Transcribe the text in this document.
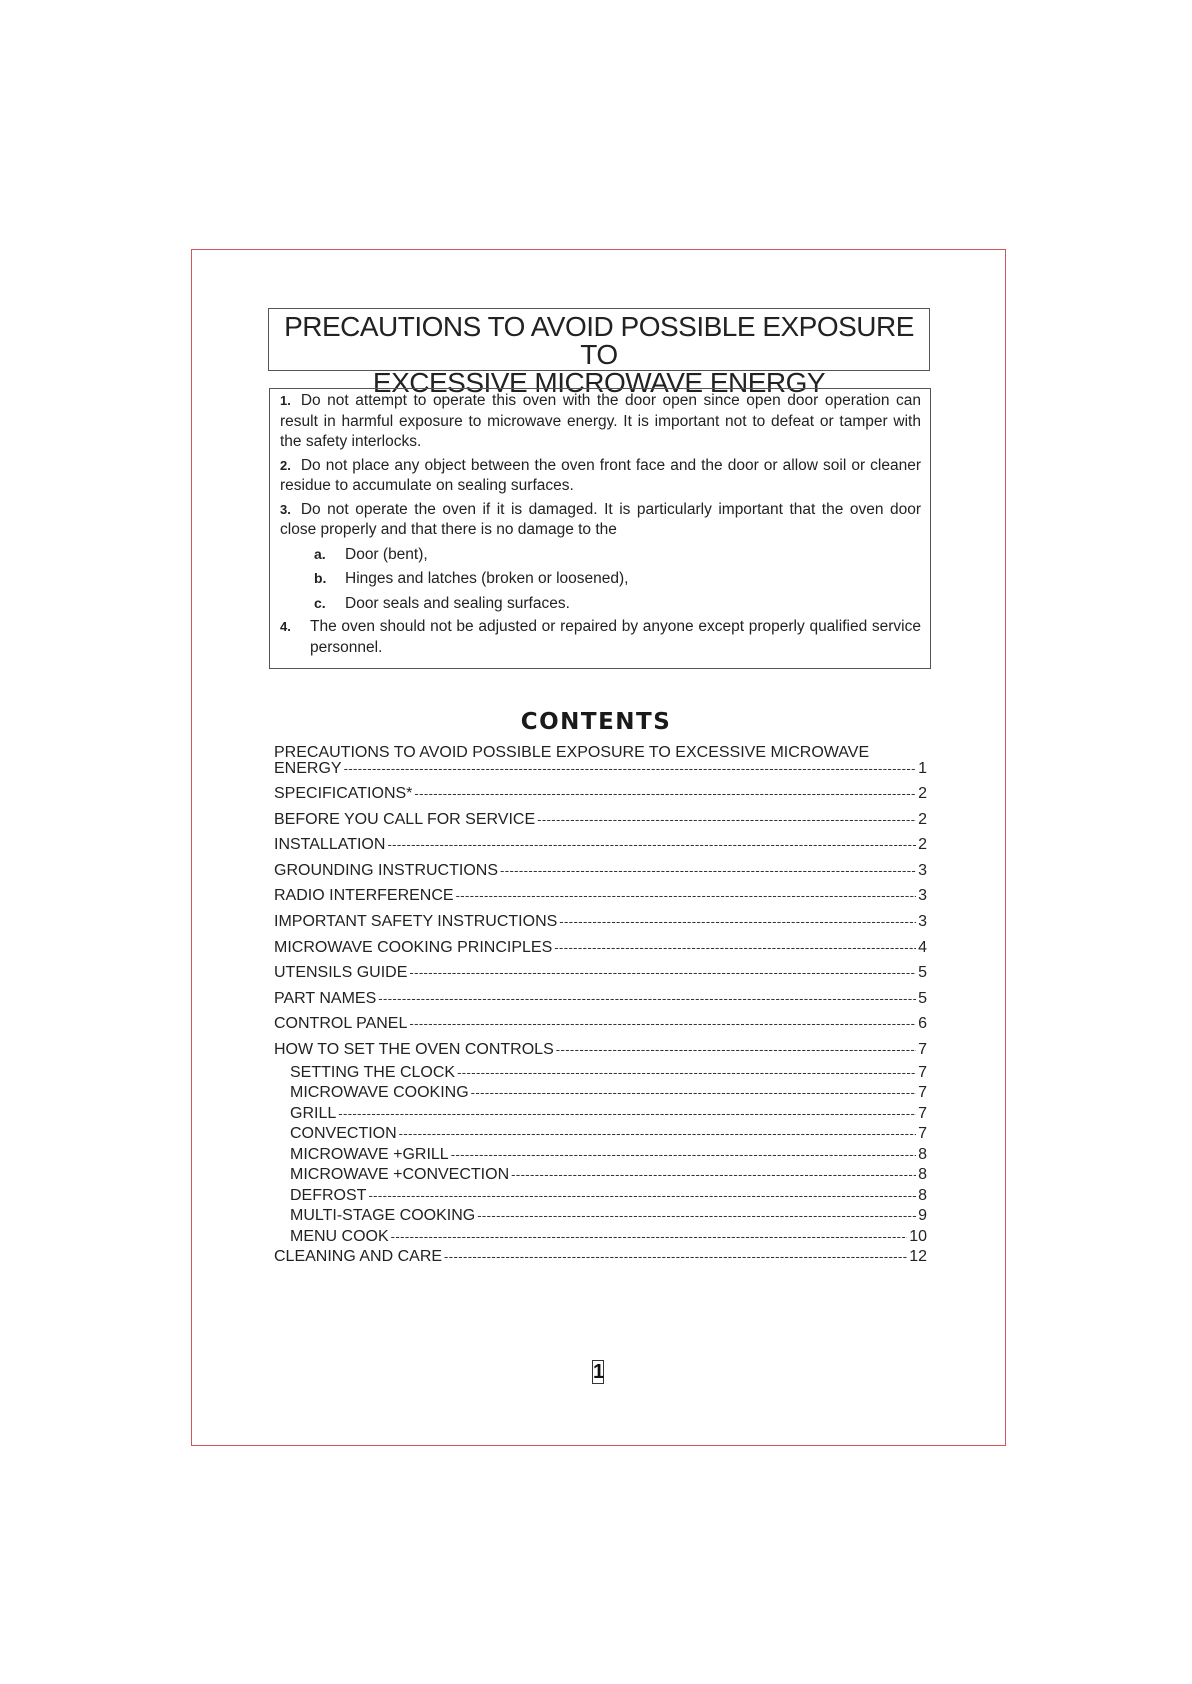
PRECAUTIONS TO AVOID POSSIBLE EXPOSURE TO
EXCESSIVE MICROWAVE ENERGY
1. Do not attempt to operate this oven with the door open since open door operation can result in harmful exposure to microwave energy. It is important not to defeat or tamper with the safety interlocks.
2. Do not place any object between the oven front face and the door or allow soil or cleaner residue to accumulate on sealing surfaces.
3. Do not operate the oven if it is damaged. It is particularly important that the oven door close properly and that there is no damage to the
a. Door (bent),
b. Hinges and latches (broken or loosened),
c. Door seals and sealing surfaces.
4.	The oven should not be adjusted or repaired by anyone except properly qualified service personnel.
CONTENTS
PRECAUTIONS TO AVOID POSSIBLE EXPOSURE TO EXCESSIVE MICROWAVE
ENERGY -----	1
SPECIFICATIONS* -----	2
BEFORE YOU CALL FOR SERVICE -----	2
INSTALLATION -----	2
GROUNDING INSTRUCTIONS -----	3
RADIO INTERFERENCE -----	3
IMPORTANT SAFETY INSTRUCTIONS -----	3
MICROWAVE COOKING PRINCIPLES -----	4
UTENSILS GUIDE -----	5
PART NAMES -----	5
CONTROL PANEL -----	6
HOW TO SET THE OVEN CONTROLS -----	7
SETTING THE CLOCK -----	7
MICROWAVE COOKING -----	7
GRILL -----	7
CONVECTION -----	7
MICROWAVE +GRILL -----	8
MICROWAVE +CONVECTION -----	8
DEFROST -----	8
MULTI-STAGE COOKING -----	9
MENU COOK -----	10
CLEANING AND CARE -----	12
1
